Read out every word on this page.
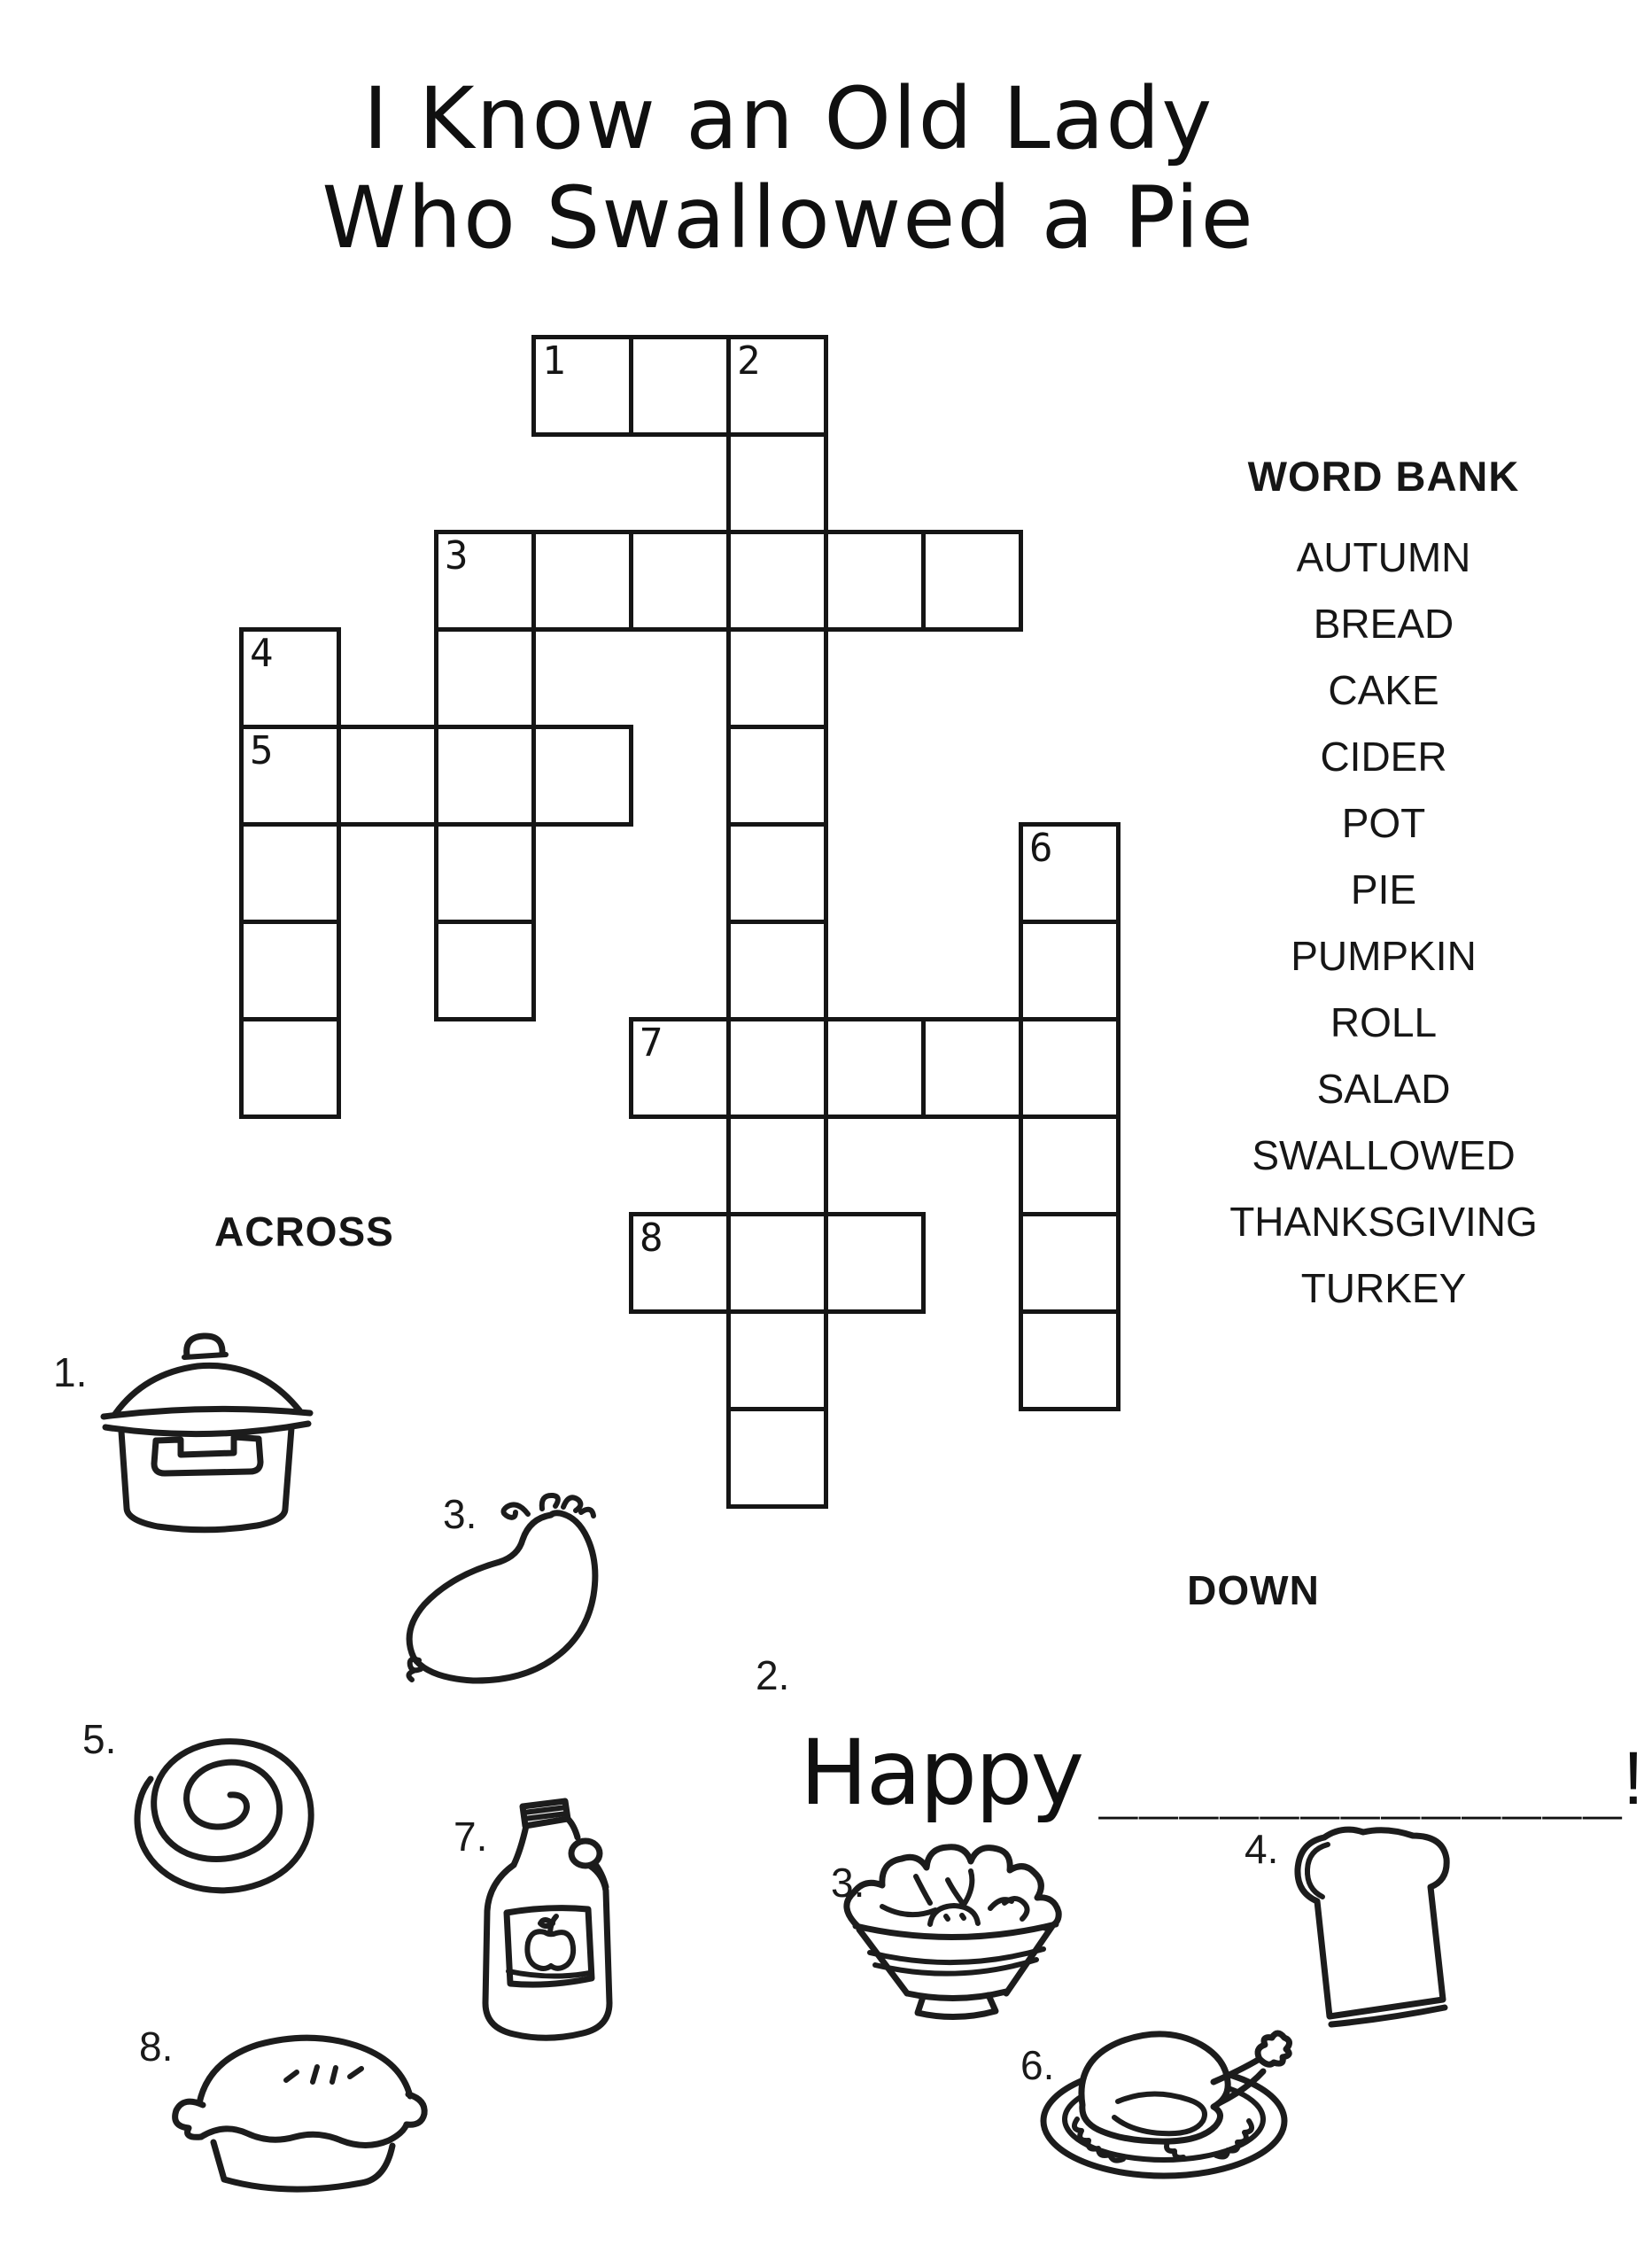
I Know an Old Lady
Who Swallowed a Pie
1	2
3
4
5
6
7
8
WORD BANK
AUTUMN
BREAD
CAKE
CIDER
POT
PIE
PUMPKIN
ROLL
SALAD
SWALLOWED
THANKSGIVING
TURKEY
ACROSS
DOWN
1.
3.
5.
7.
8.
2.
Happy _____________ !
3.
4.
6.
